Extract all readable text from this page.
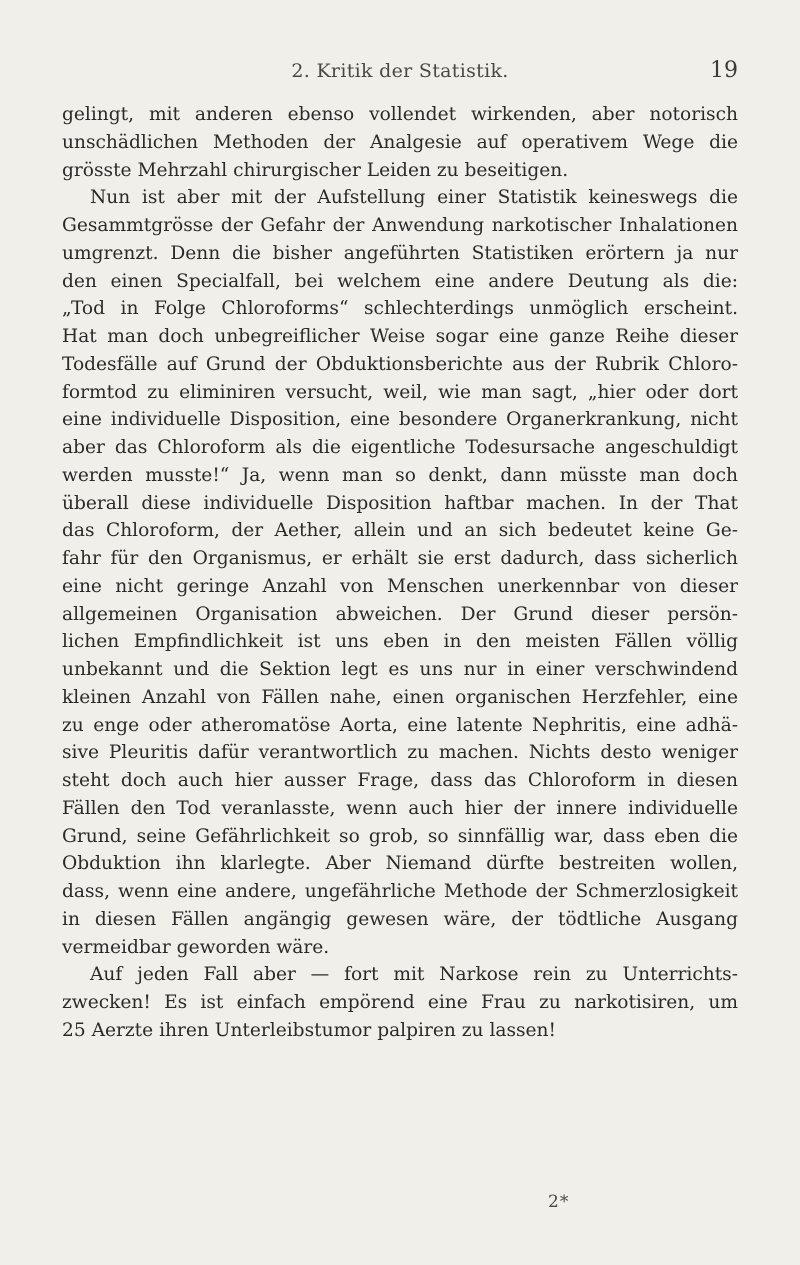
2. Kritik der Statistik.	19
gelingt, mit anderen ebenso vollendet wirkenden, aber notorisch
unschädlichen Methoden der Analgesie auf operativem Wege die
grösste Mehrzahl chirurgischer Leiden zu beseitigen.
Nun ist aber mit der Aufstellung einer Statistik keineswegs die
Gesammtgrösse der Gefahr der Anwendung narkotischer Inhalationen
umgrenzt. Denn die bisher angeführten Statistiken erörtern ja nur
den einen Specialfall, bei welchem eine andere Deutung als die:
„Tod in Folge Chloroforms“ schlechterdings unmöglich erscheint.
Hat man doch unbegreiflicher Weise sogar eine ganze Reihe dieser
Todesfälle auf Grund der Obduktionsberichte aus der Rubrik Chloro-
formtod zu eliminiren versucht, weil, wie man sagt, „hier oder dort
eine individuelle Disposition, eine besondere Organerkrankung, nicht
aber das Chloroform als die eigentliche Todesursache angeschuldigt
werden musste!“ Ja, wenn man so denkt, dann müsste man doch
überall diese individuelle Disposition haftbar machen. In der That
das Chloroform, der Aether, allein und an sich bedeutet keine Ge-
fahr für den Organismus, er erhält sie erst dadurch, dass sicherlich
eine nicht geringe Anzahl von Menschen unerkennbar von dieser
allgemeinen Organisation abweichen. Der Grund dieser persön-
lichen Empfindlichkeit ist uns eben in den meisten Fällen völlig
unbekannt und die Sektion legt es uns nur in einer verschwindend
kleinen Anzahl von Fällen nahe, einen organischen Herzfehler, eine
zu enge oder atheromatöse Aorta, eine latente Nephritis, eine adhä-
sive Pleuritis dafür verantwortlich zu machen. Nichts desto weniger
steht doch auch hier ausser Frage, dass das Chloroform in diesen
Fällen den Tod veranlasste, wenn auch hier der innere individuelle
Grund, seine Gefährlichkeit so grob, so sinnfällig war, dass eben die
Obduktion ihn klarlegte. Aber Niemand dürfte bestreiten wollen,
dass, wenn eine andere, ungefährliche Methode der Schmerzlosigkeit
in diesen Fällen angängig gewesen wäre, der tödtliche Ausgang
vermeidbar geworden wäre.
Auf jeden Fall aber — fort mit Narkose rein zu Unterrichts-
zwecken! Es ist einfach empörend eine Frau zu narkotisiren, um
25 Aerzte ihren Unterleibstumor palpiren zu lassen!
2*
